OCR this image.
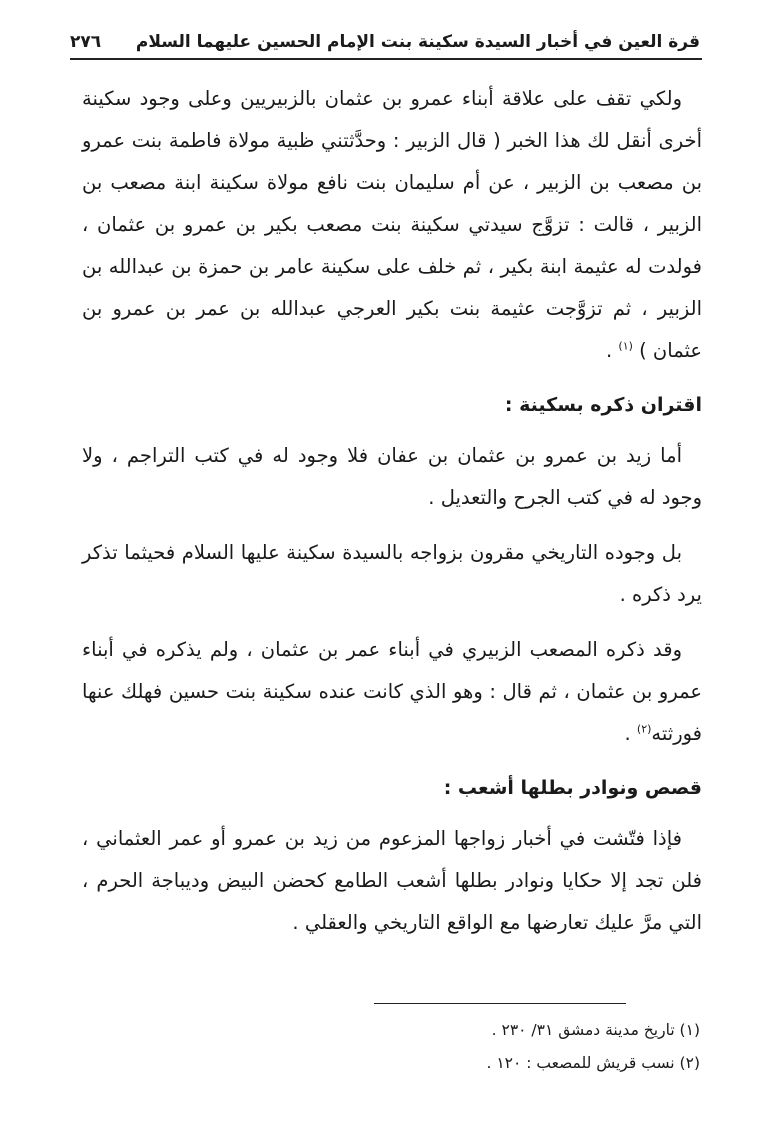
قرة العين في أخبار السيدة سكينة بنت الإمام الحسين عليهما السلام
٢٧٦

ولكي تقف على علاقة أبناء عمرو بن عثمان بالزبيريين وعلى وجود سكينة أخرى أنقل لك هذا الخبر ( قال الزبير : وحدَّثتني ظبية مولاة فاطمة بنت عمرو بن مصعب بن الزبير ، عن أم سليمان بنت نافع مولاة سكينة ابنة مصعب بن الزبير ، قالت : تزوَّج سيدتي سكينة بنت مصعب بكير بن عمرو بن عثمان ، فولدت له عثيمة ابنة بكير ، ثم خلف على سكينة عامر بن حمزة بن عبدالله بن الزبير ، ثم تزوَّجت عثيمة بنت بكير العرجي عبدالله بن عمر بن عمرو بن عثمان ) $^{(١)}$ .

اقتران ذكره بسكينة :

أما زيد بن عمرو بن عثمان بن عفان فلا وجود له في كتب التراجم ، ولا وجود له في كتب الجرح والتعديل .

بل وجوده التاريخي مقرون بزواجه بالسيدة سكينة عليها السلام فحيثما تذكر يرد ذكره .

وقد ذكره المصعب الزبيري في أبناء عمر بن عثمان ، ولم يذكره في أبناء عمرو بن عثمان ، ثم قال : وهو الذي كانت عنده سكينة بنت حسين فهلك عنها فورثته$^{(٢)}$ .

قصص ونوادر بطلها أشعب :

فإذا فتّشت في أخبار زواجها المزعوم من زيد بن عمرو أو عمر العثماني ، فلن تجد إلا حكايا ونوادر بطلها أشعب الطامع كحضن البيض وديباجة الحرم ، التي مرَّ عليك تعارضها مع الواقع التاريخي والعقلي .

(١) تاريخ مدينة دمشق ٣١/ ٢٣٠ .

(٢) نسب قريش للمصعب : ١٢٠ .
